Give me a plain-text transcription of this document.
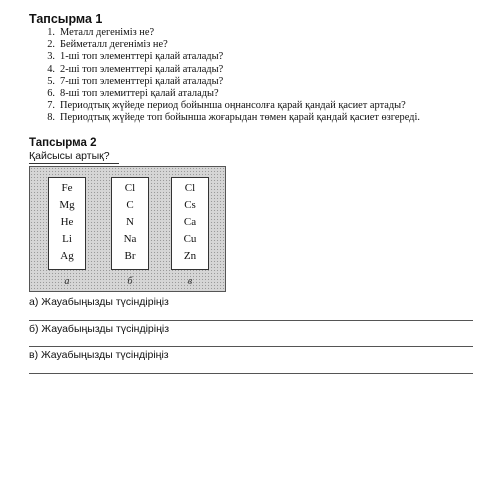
Тапсырма 1
1. Металл дегеніміз не?
2. Бейметалл дегеніміз не?
3. 1-ші топ элементтері қалай аталады?
4. 2-ші топ элементтері қалай аталады?
5. 7-ші топ элементтері қалай аталады?
6. 8-ші топ элемиттері қалай аталады?
7. Периодтық жүйеде период бойынша оңнансолға қарай қандай қасиет артады?
8. Периодтық жүйеде топ бойынша жоғарыдан төмен қарай қандай қасиет өзгереді.
Тапсырма 2
Қайсысы артық?
Fe
Mg
He
Li
Ag
Cl
C
N
Na
Br
Cl
Cs
Ca
Cu
Zn
а	б	в
а) Жауабыңызды түсіндіріңіз
б) Жауабыңызды түсіндіріңіз
в) Жауабыңызды түсіндіріңіз
